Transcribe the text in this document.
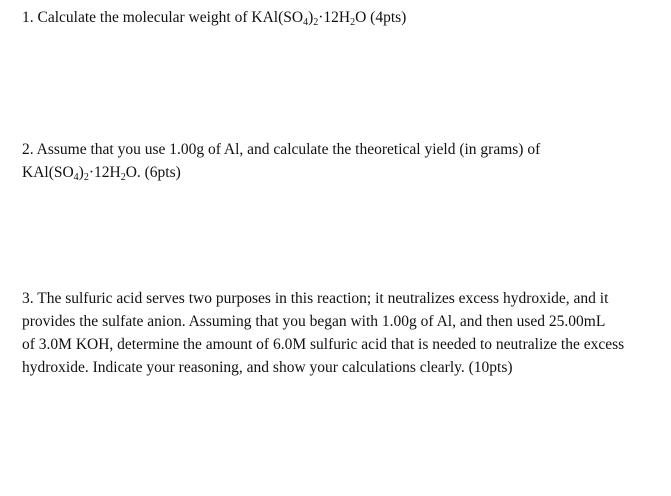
1. Calculate the molecular weight of $KAl(SO_4)_2\cdot 12H_2O$ (4pts)
2. Assume that you use 1.00g of Al, and calculate the theoretical yield (in grams) of
$KAl(SO_4)_2\cdot 12H_2O$. (6pts)
3. The sulfuric acid serves two purposes in this reaction; it neutralizes excess hydroxide, and it
provides the sulfate anion. Assuming that you began with 1.00g of Al, and then used 25.00mL
of 3.0M KOH, determine the amount of 6.0M sulfuric acid that is needed to neutralize the excess
hydroxide. Indicate your reasoning, and show your calculations clearly. (10pts)
